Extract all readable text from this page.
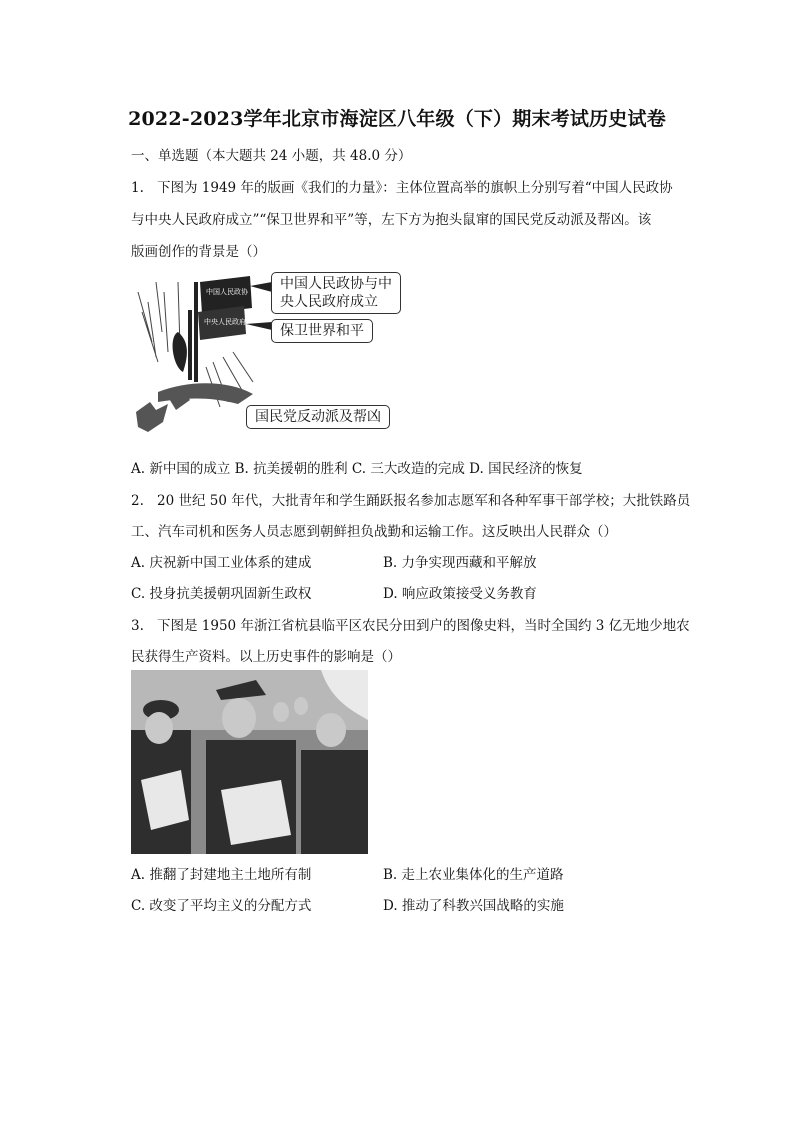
2022-2023学年北京市海淀区八年级（下）期末考试历史试卷
一、单选题（本大题共 24 小题，共 48.0 分）
1. 下图为 1949 年的版画《我们的力量》：主体位置高举的旗帜上分别写着“中国人民政协
与中央人民政府成立”“保卫世界和平”等，左下方为抱头鼠窜的国民党反动派及帮凶。该
版画创作的背景是（）
中国人民政协
中央人民政府
中国人民政协与中
央人民政府成立
保卫世界和平
国民党反动派及帮凶
A. 新中国的成立 B. 抗美援朝的胜利 C. 三大改造的完成 D. 国民经济的恢复
2. 20 世纪 50 年代，大批青年和学生踊跃报名参加志愿军和各种军事干部学校；大批铁路员
工、汽车司机和医务人员志愿到朝鲜担负战勤和运输工作。这反映出人民群众（）
A. 庆祝新中国工业体系的建成	B. 力争实现西藏和平解放
C. 投身抗美援朝巩固新生政权	D. 响应政策接受义务教育
3. 下图是 1950 年浙江省杭县临平区农民分田到户的图像史料，当时全国约 3 亿无地少地农
民获得生产资料。以上历史事件的影响是（）
A. 推翻了封建地主土地所有制	B. 走上农业集体化的生产道路
C. 改变了平均主义的分配方式	D. 推动了科教兴国战略的实施
